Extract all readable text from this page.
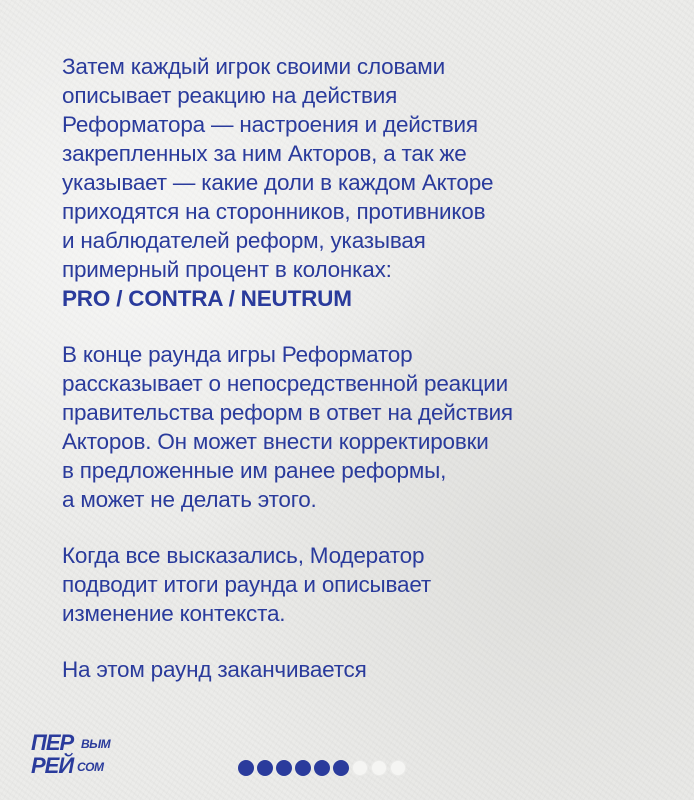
Затем каждый игрок своими словами
описывает реакцию на действия
Реформатора — настроения и действия
закрепленных за ним Акторов, а так же
указывает — какие доли в каждом Акторе
приходятся на сторонников, противников
и наблюдателей реформ, указывая
примерный процент в колонках:
PRO / CONTRA / NEUTRUM
В конце раунда игры Реформатор
рассказывает о непосредственной реакции
правительства реформ в ответ на действия
Акторов. Он может внести корректировки
в предложенные им ранее реформы,
а может не делать этого.
Когда все высказались, Модератор
подводит итоги раунда и описывает
изменение контекста.
На этом раунд заканчивается
ПЕР ВЫМ
РЕЙ СОМ
